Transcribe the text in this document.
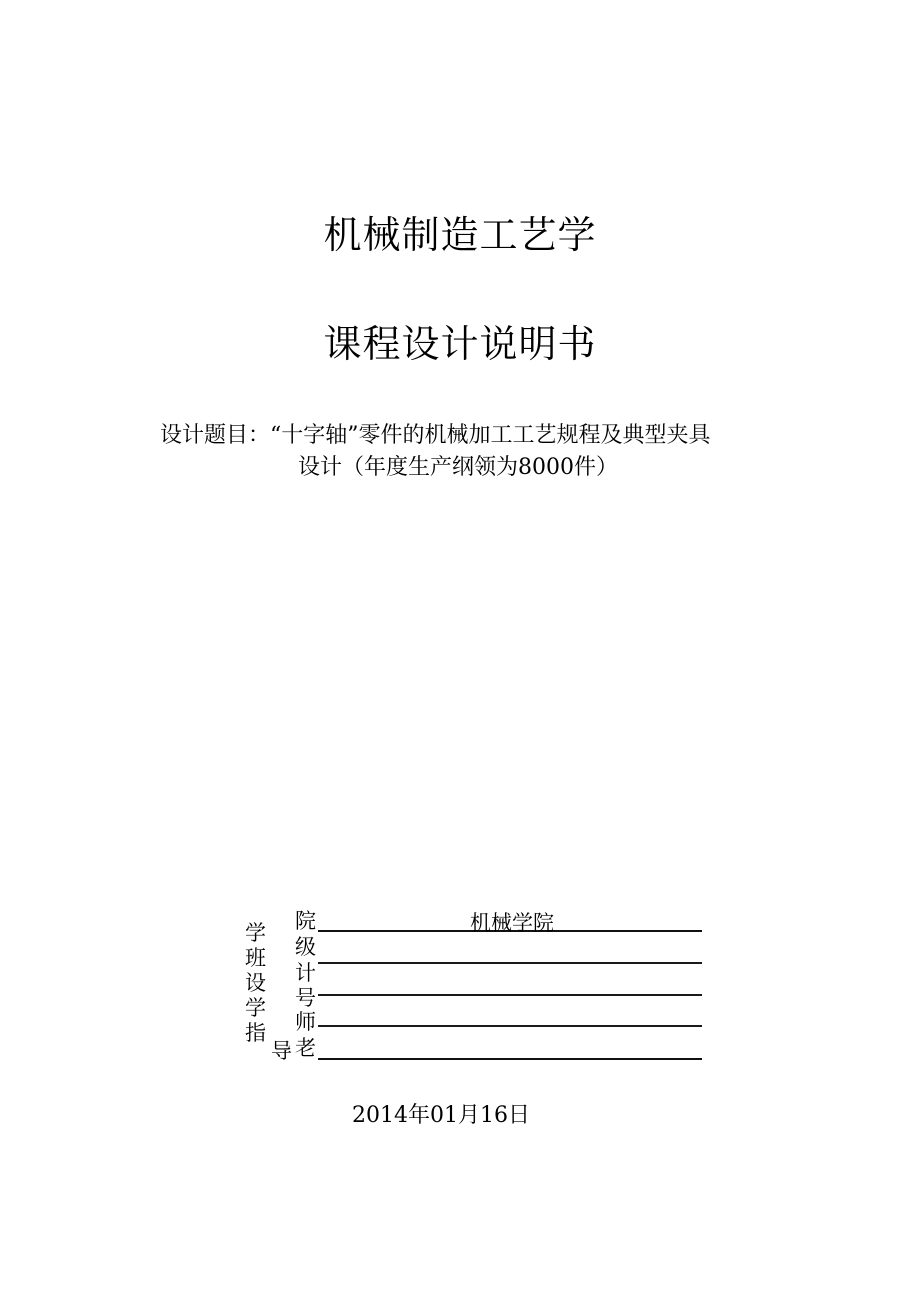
机械制造工艺学
课程设计说明书
设计题目：“十字轴”零件的机械加工工艺规程及典型夹具
设计（年度生产纲领为8000件）
学
班
设
学
指
院
级
计
号
师
导 老
机械学院
2014年01月16日
